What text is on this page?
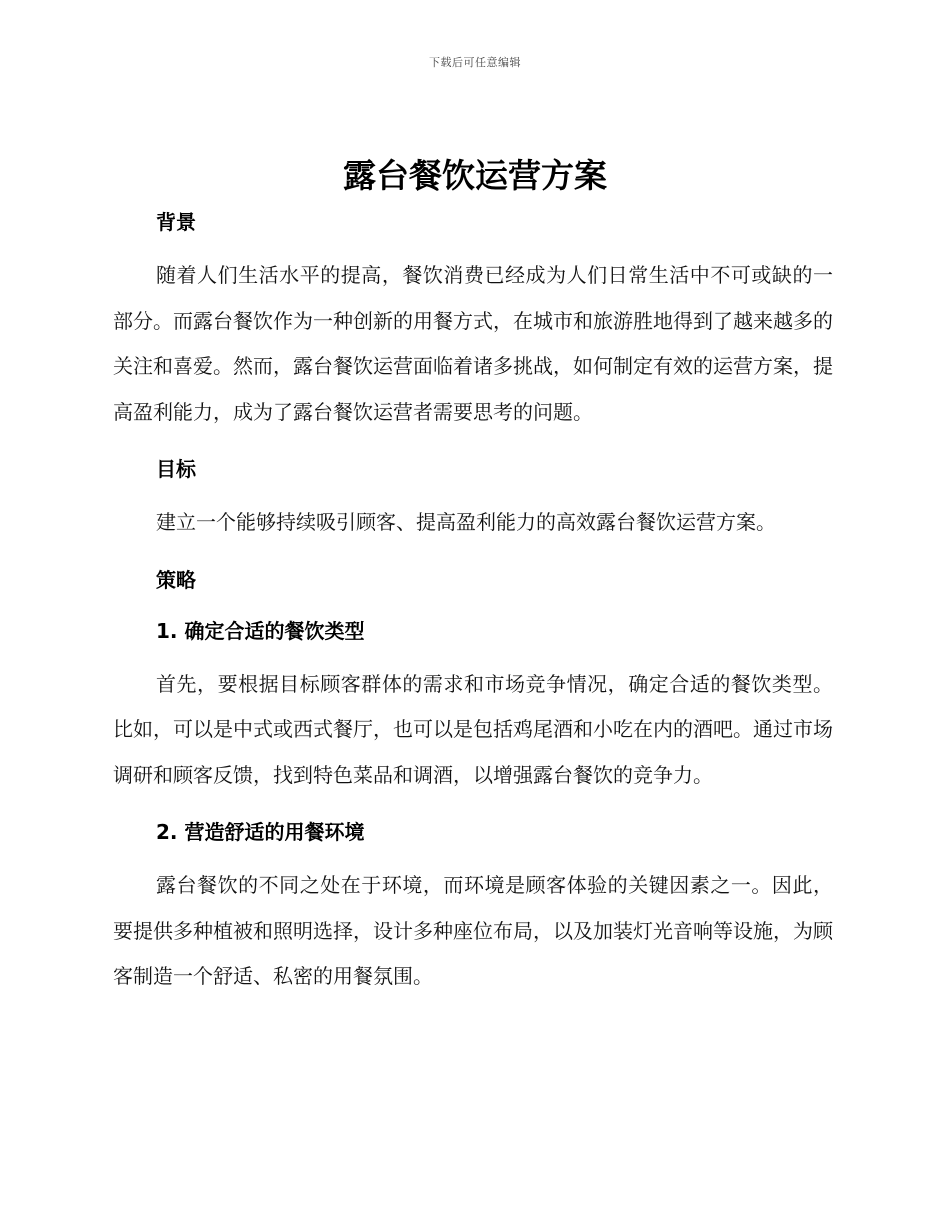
下载后可任意编辑
露台餐饮运营方案
背景

随着人们生活水平的提高，餐饮消费已经成为人们日常生活中不可或缺的一部分。而露台餐饮作为一种创新的用餐方式，在城市和旅游胜地得到了越来越多的关注和喜爱。然而，露台餐饮运营面临着诸多挑战，如何制定有效的运营方案，提高盈利能力，成为了露台餐饮运营者需要思考的问题。

目标

建立一个能够持续吸引顾客、提高盈利能力的高效露台餐饮运营方案。

策略
1. 确定合适的餐饮类型

首先，要根据目标顾客群体的需求和市场竞争情况，确定合适的餐饮类型。比如，可以是中式或西式餐厅，也可以是包括鸡尾酒和小吃在内的酒吧。通过市场调研和顾客反馈，找到特色菜品和调酒，以增强露台餐饮的竞争力。

2. 营造舒适的用餐环境

露台餐饮的不同之处在于环境，而环境是顾客体验的关键因素之一。因此，要提供多种植被和照明选择，设计多种座位布局，以及加装灯光音响等设施，为顾客制造一个舒适、私密的用餐氛围。
